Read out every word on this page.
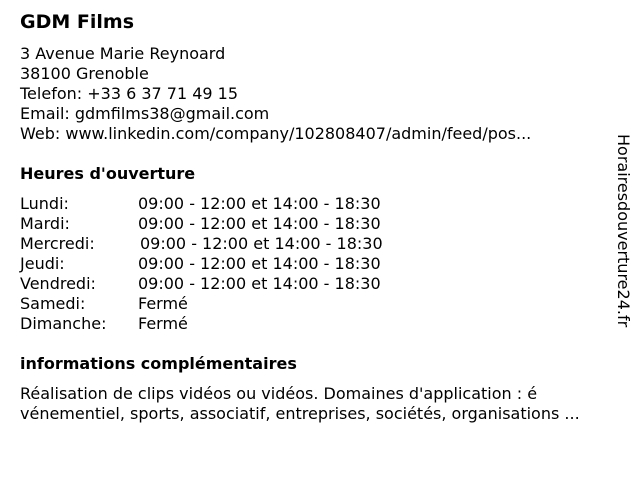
GDM Films
3 Avenue Marie Reynoard
38100 Grenoble
Telefon: +33 6 37 71 49 15
Email: gdmfilms38@gmail.com
Web: www.linkedin.com/company/102808407/admin/feed/pos...
Heures d'ouverture
Lundi:	09:00 - 12:00 et 14:00 - 18:30
Mardi:	09:00 - 12:00 et 14:00 - 18:30
Mercredi:	09:00 - 12:00 et 14:00 - 18:30
Jeudi:	09:00 - 12:00 et 14:00 - 18:30
Vendredi:	09:00 - 12:00 et 14:00 - 18:30
Samedi:	Fermé
Dimanche: Fermé
informations complémentaires
Réalisation de clips vidéos ou vidéos. Domaines d'application : é
vénementiel, sports, associatif, entreprises, sociétés, organisations ...
Horairesdouverture24.fr
